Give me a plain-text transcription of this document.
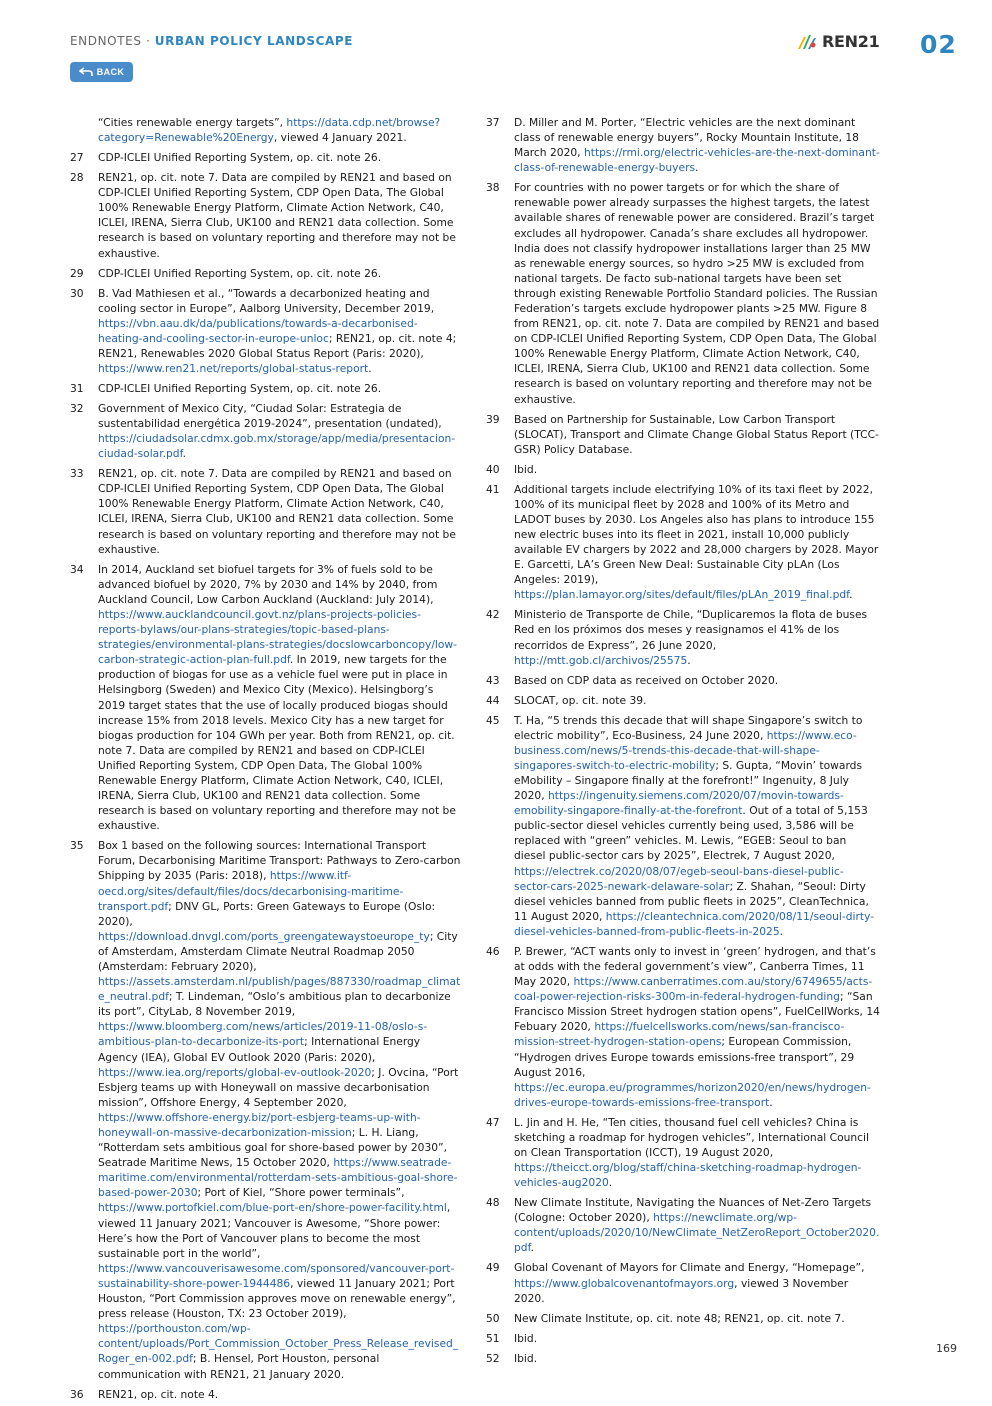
ENDNOTES · URBAN POLICY LANDSCAPE	REN21 02
BACK
“Cities renewable energy targets”, https://data.cdp.net/browse?category=Renewable%20Energy, viewed 4 January 2021.
27	CDP-ICLEI Unified Reporting System, op. cit. note 26.
28	REN21, op. cit. note 7. Data are compiled by REN21 and based on CDP-ICLEI Unified Reporting System, CDP Open Data, The Global 100% Renewable Energy Platform, Climate Action Network, C40, ICLEI, IRENA, Sierra Club, UK100 and REN21 data collection. Some research is based on voluntary reporting and therefore may not be exhaustive.
29	CDP-ICLEI Unified Reporting System, op. cit. note 26.
30	B. Vad Mathiesen et al., “Towards a decarbonized heating and cooling sector in Europe”, Aalborg University, December 2019, https://vbn.aau.dk/da/publications/towards-a-decarbonised-heating-and-cooling-sector-in-europe-unloc; REN21, op. cit. note 4; REN21, Renewables 2020 Global Status Report (Paris: 2020), https://www.ren21.net/reports/global-status-report.
31	CDP-ICLEI Unified Reporting System, op. cit. note 26.
32	Government of Mexico City, “Ciudad Solar: Estrategia de sustentabilidad energética 2019-2024”, presentation (undated), https://ciudadsolar.cdmx.gob.mx/storage/app/media/presentacion-ciudad-solar.pdf.
33	REN21, op. cit. note 7. Data are compiled by REN21 and based on CDP-ICLEI Unified Reporting System, CDP Open Data, The Global 100% Renewable Energy Platform, Climate Action Network, C40, ICLEI, IRENA, Sierra Club, UK100 and REN21 data collection. Some research is based on voluntary reporting and therefore may not be exhaustive.
34	In 2014, Auckland set biofuel targets for 3% of fuels sold to be advanced biofuel by 2020, 7% by 2030 and 14% by 2040, from Auckland Council, Low Carbon Auckland (Auckland: July 2014), https://www.aucklandcouncil.govt.nz/plans-projects-policies-reports-bylaws/our-plans-strategies/topic-based-plans-strategies/environmental-plans-strategies/docslowcarboncopy/low-carbon-strategic-action-plan-full.pdf. In 2019, new targets for the production of biogas for use as a vehicle fuel were put in place in Helsingborg (Sweden) and Mexico City (Mexico). Helsingborg’s 2019 target states that the use of locally produced biogas should increase 15% from 2018 levels. Mexico City has a new target for biogas production for 104 GWh per year. Both from REN21, op. cit. note 7. Data are compiled by REN21 and based on CDP-ICLEI Unified Reporting System, CDP Open Data, The Global 100% Renewable Energy Platform, Climate Action Network, C40, ICLEI, IRENA, Sierra Club, UK100 and REN21 data collection. Some research is based on voluntary reporting and therefore may not be exhaustive.
35	Box 1 based on the following sources: International Transport Forum, Decarbonising Maritime Transport: Pathways to Zero-carbon Shipping by 2035 (Paris: 2018), https://www.itf-oecd.org/sites/default/files/docs/decarbonising-maritime-transport.pdf; DNV GL, Ports: Green Gateways to Europe (Oslo: 2020), https://download.dnvgl.com/ports_greengatewaystoeurope_ty; City of Amsterdam, Amsterdam Climate Neutral Roadmap 2050 (Amsterdam: February 2020), https://assets.amsterdam.nl/publish/pages/887330/roadmap_climate_neutral.pdf; T. Lindeman, “Oslo’s ambitious plan to decarbonize its port”, CityLab, 8 November 2019, https://www.bloomberg.com/news/articles/2019-11-08/oslo-s-ambitious-plan-to-decarbonize-its-port; International Energy Agency (IEA), Global EV Outlook 2020 (Paris: 2020), https://www.iea.org/reports/global-ev-outlook-2020; J. Ovcina, “Port Esbjerg teams up with Honeywall on massive decarbonisation mission”, Offshore Energy, 4 September 2020, https://www.offshore-energy.biz/port-esbjerg-teams-up-with-honeywall-on-massive-decarbonization-mission; L. H. Liang, “Rotterdam sets ambitious goal for shore-based power by 2030”, Seatrade Maritime News, 15 October 2020, https://www.seatrade-maritime.com/environmental/rotterdam-sets-ambitious-goal-shore-based-power-2030; Port of Kiel, “Shore power terminals”, https://www.portofkiel.com/blue-port-en/shore-power-facility.html, viewed 11 January 2021; Vancouver is Awesome, “Shore power: Here’s how the Port of Vancouver plans to become the most sustainable port in the world”, https://www.vancouverisawesome.com/sponsored/vancouver-port-sustainability-shore-power-1944486, viewed 11 January 2021; Port Houston, “Port Commission approves move on renewable energy”, press release (Houston, TX: 23 October 2019), https://porthouston.com/wp-content/uploads/Port_Commission_October_Press_Release_revised_Roger_en-002.pdf; B. Hensel, Port Houston, personal communication with REN21, 21 January 2020.
36	REN21, op. cit. note 4.
37	D. Miller and M. Porter, “Electric vehicles are the next dominant class of renewable energy buyers”, Rocky Mountain Institute, 18 March 2020, https://rmi.org/electric-vehicles-are-the-next-dominant-class-of-renewable-energy-buyers.
38	For countries with no power targets or for which the share of renewable power already surpasses the highest targets, the latest available shares of renewable power are considered. Brazil’s target excludes all hydropower. Canada’s share excludes all hydropower. India does not classify hydropower installations larger than 25 MW as renewable energy sources, so hydro >25 MW is excluded from national targets. De facto sub-national targets have been set through existing Renewable Portfolio Standard policies. The Russian Federation’s targets exclude hydropower plants >25 MW. Figure 8 from REN21, op. cit. note 7. Data are compiled by REN21 and based on CDP-ICLEI Unified Reporting System, CDP Open Data, The Global 100% Renewable Energy Platform, Climate Action Network, C40, ICLEI, IRENA, Sierra Club, UK100 and REN21 data collection. Some research is based on voluntary reporting and therefore may not be exhaustive.
39	Based on Partnership for Sustainable, Low Carbon Transport (SLOCAT), Transport and Climate Change Global Status Report (TCC-GSR) Policy Database.
40	Ibid.
41	Additional targets include electrifying 10% of its taxi fleet by 2022, 100% of its municipal fleet by 2028 and 100% of its Metro and LADOT buses by 2030. Los Angeles also has plans to introduce 155 new electric buses into its fleet in 2021, install 10,000 publicly available EV chargers by 2022 and 28,000 chargers by 2028. Mayor E. Garcetti, LA’s Green New Deal: Sustainable City pLAn (Los Angeles: 2019), https://plan.lamayor.org/sites/default/files/pLAn_2019_final.pdf.
42	Ministerio de Transporte de Chile, “Duplicaremos la flota de buses Red en los próximos dos meses y reasignamos el 41% de los recorridos de Express”, 26 June 2020, http://mtt.gob.cl/archivos/25575.
43	Based on CDP data as received on October 2020.
44	SLOCAT, op. cit. note 39.
45	T. Ha, “5 trends this decade that will shape Singapore’s switch to electric mobility”, Eco-Business, 24 June 2020, https://www.eco-business.com/news/5-trends-this-decade-that-will-shape-singapores-switch-to-electric-mobility; S. Gupta, “Movin’ towards eMobility – Singapore finally at the forefront!” Ingenuity, 8 July 2020, https://ingenuity.siemens.com/2020/07/movin-towards-emobility-singapore-finally-at-the-forefront. Out of a total of 5,153 public-sector diesel vehicles currently being used, 3,586 will be replaced with “green” vehicles. M. Lewis, “EGEB: Seoul to ban diesel public-sector cars by 2025”, Electrek, 7 August 2020, https://electrek.co/2020/08/07/egeb-seoul-bans-diesel-public-sector-cars-2025-newark-delaware-solar; Z. Shahan, “Seoul: Dirty diesel vehicles banned from public fleets in 2025”, CleanTechnica, 11 August 2020, https://cleantechnica.com/2020/08/11/seoul-dirty-diesel-vehicles-banned-from-public-fleets-in-2025.
46	P. Brewer, “ACT wants only to invest in ‘green’ hydrogen, and that’s at odds with the federal government’s view”, Canberra Times, 11 May 2020, https://www.canberratimes.com.au/story/6749655/acts-coal-power-rejection-risks-300m-in-federal-hydrogen-funding; “San Francisco Mission Street hydrogen station opens”, FuelCellWorks, 14 Febuary 2020, https://fuelcellsworks.com/news/san-francisco-mission-street-hydrogen-station-opens; European Commission, “Hydrogen drives Europe towards emissions-free transport”, 29 August 2016, https://ec.europa.eu/programmes/horizon2020/en/news/hydrogen-drives-europe-towards-emissions-free-transport.
47	L. Jin and H. He, “Ten cities, thousand fuel cell vehicles? China is sketching a roadmap for hydrogen vehicles”, International Council on Clean Transportation (ICCT), 19 August 2020, https://theicct.org/blog/staff/china-sketching-roadmap-hydrogen-vehicles-aug2020.
48	New Climate Institute, Navigating the Nuances of Net-Zero Targets (Cologne: October 2020), https://newclimate.org/wp-content/uploads/2020/10/NewClimate_NetZeroReport_October2020.pdf.
49	Global Covenant of Mayors for Climate and Energy, “Homepage”, https://www.globalcovenantofmayors.org, viewed 3 November 2020.
50	New Climate Institute, op. cit. note 48; REN21, op. cit. note 7.
51	Ibid.
52	Ibid.
169
